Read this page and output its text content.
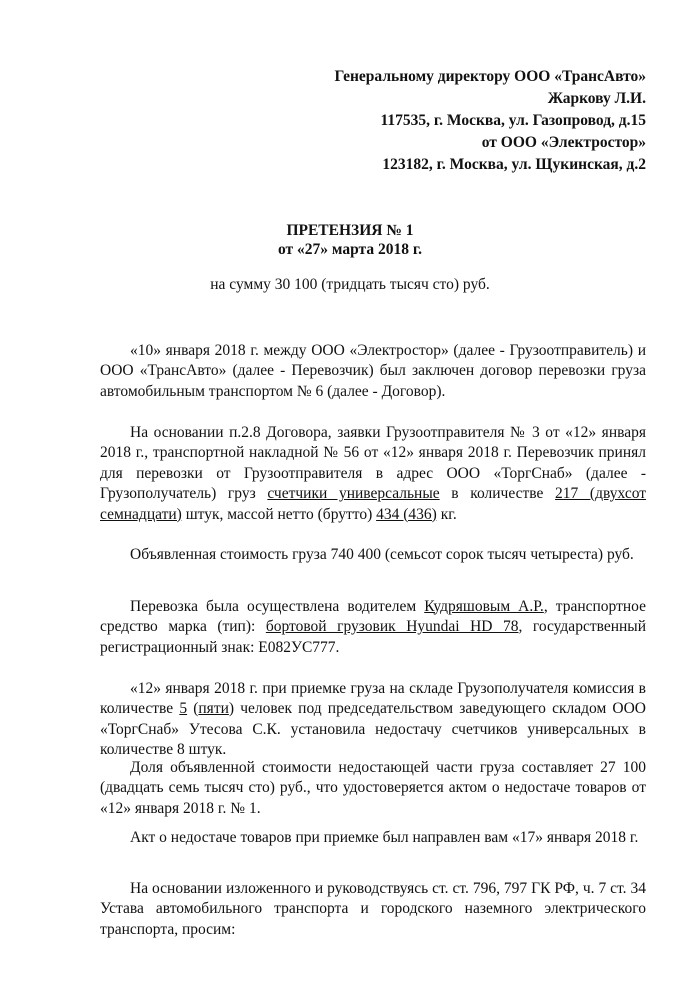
Генеральному директору ООО «ТрансАвто»
Жаркову Л.И.
117535, г. Москва, ул. Газопровод, д.15
от ООО «Электростор»
123182, г. Москва, ул. Щукинская, д.2
ПРЕТЕНЗИЯ № 1
от «27» марта 2018 г.
на сумму 30 100 (тридцать тысяч сто) руб.

«10» января 2018 г. между ООО «Электростор» (далее - Грузоотправитель) и ООО «ТрансАвто» (далее - Перевозчик) был заключен договор перевозки груза автомобильным транспортом № 6 (далее - Договор).

На основании п.2.8 Договора, заявки Грузоотправителя № 3 от «12» января 2018 г., транспортной накладной № 56 от «12» января 2018 г. Перевозчик принял для перевозки от Грузоотправителя в адрес ООО «ТоргСнаб» (далее - Грузополучатель) груз счетчики универсальные в количестве 217 (двухсот семнадцати) штук, массой нетто (брутто) 434 (436) кг.

Объявленная стоимость груза 740 400 (семьсот сорок тысяч четыреста) руб.

Перевозка была осуществлена водителем Кудряшовым А.Р., транспортное средство марка (тип): бортовой грузовик Hyundai HD 78, государственный регистрационный знак: Е082УС777.

«12» января 2018 г. при приемке груза на складе Грузополучателя комиссия в количестве 5 (пяти) человек под председательством заведующего складом ООО «ТоргСнаб» Утесова С.К. установила недостачу счетчиков универсальных в количестве 8 штук.

Доля объявленной стоимости недостающей части груза составляет 27 100 (двадцать семь тысяч сто) руб., что удостоверяется актом о недостаче товаров от «12» января 2018 г. № 1.

Акт о недостаче товаров при приемке был направлен вам «17» января 2018 г.

На основании изложенного и руководствуясь ст. ст. 796, 797 ГК РФ, ч. 7 ст. 34 Устава автомобильного транспорта и городского наземного электрического транспорта, просим:
